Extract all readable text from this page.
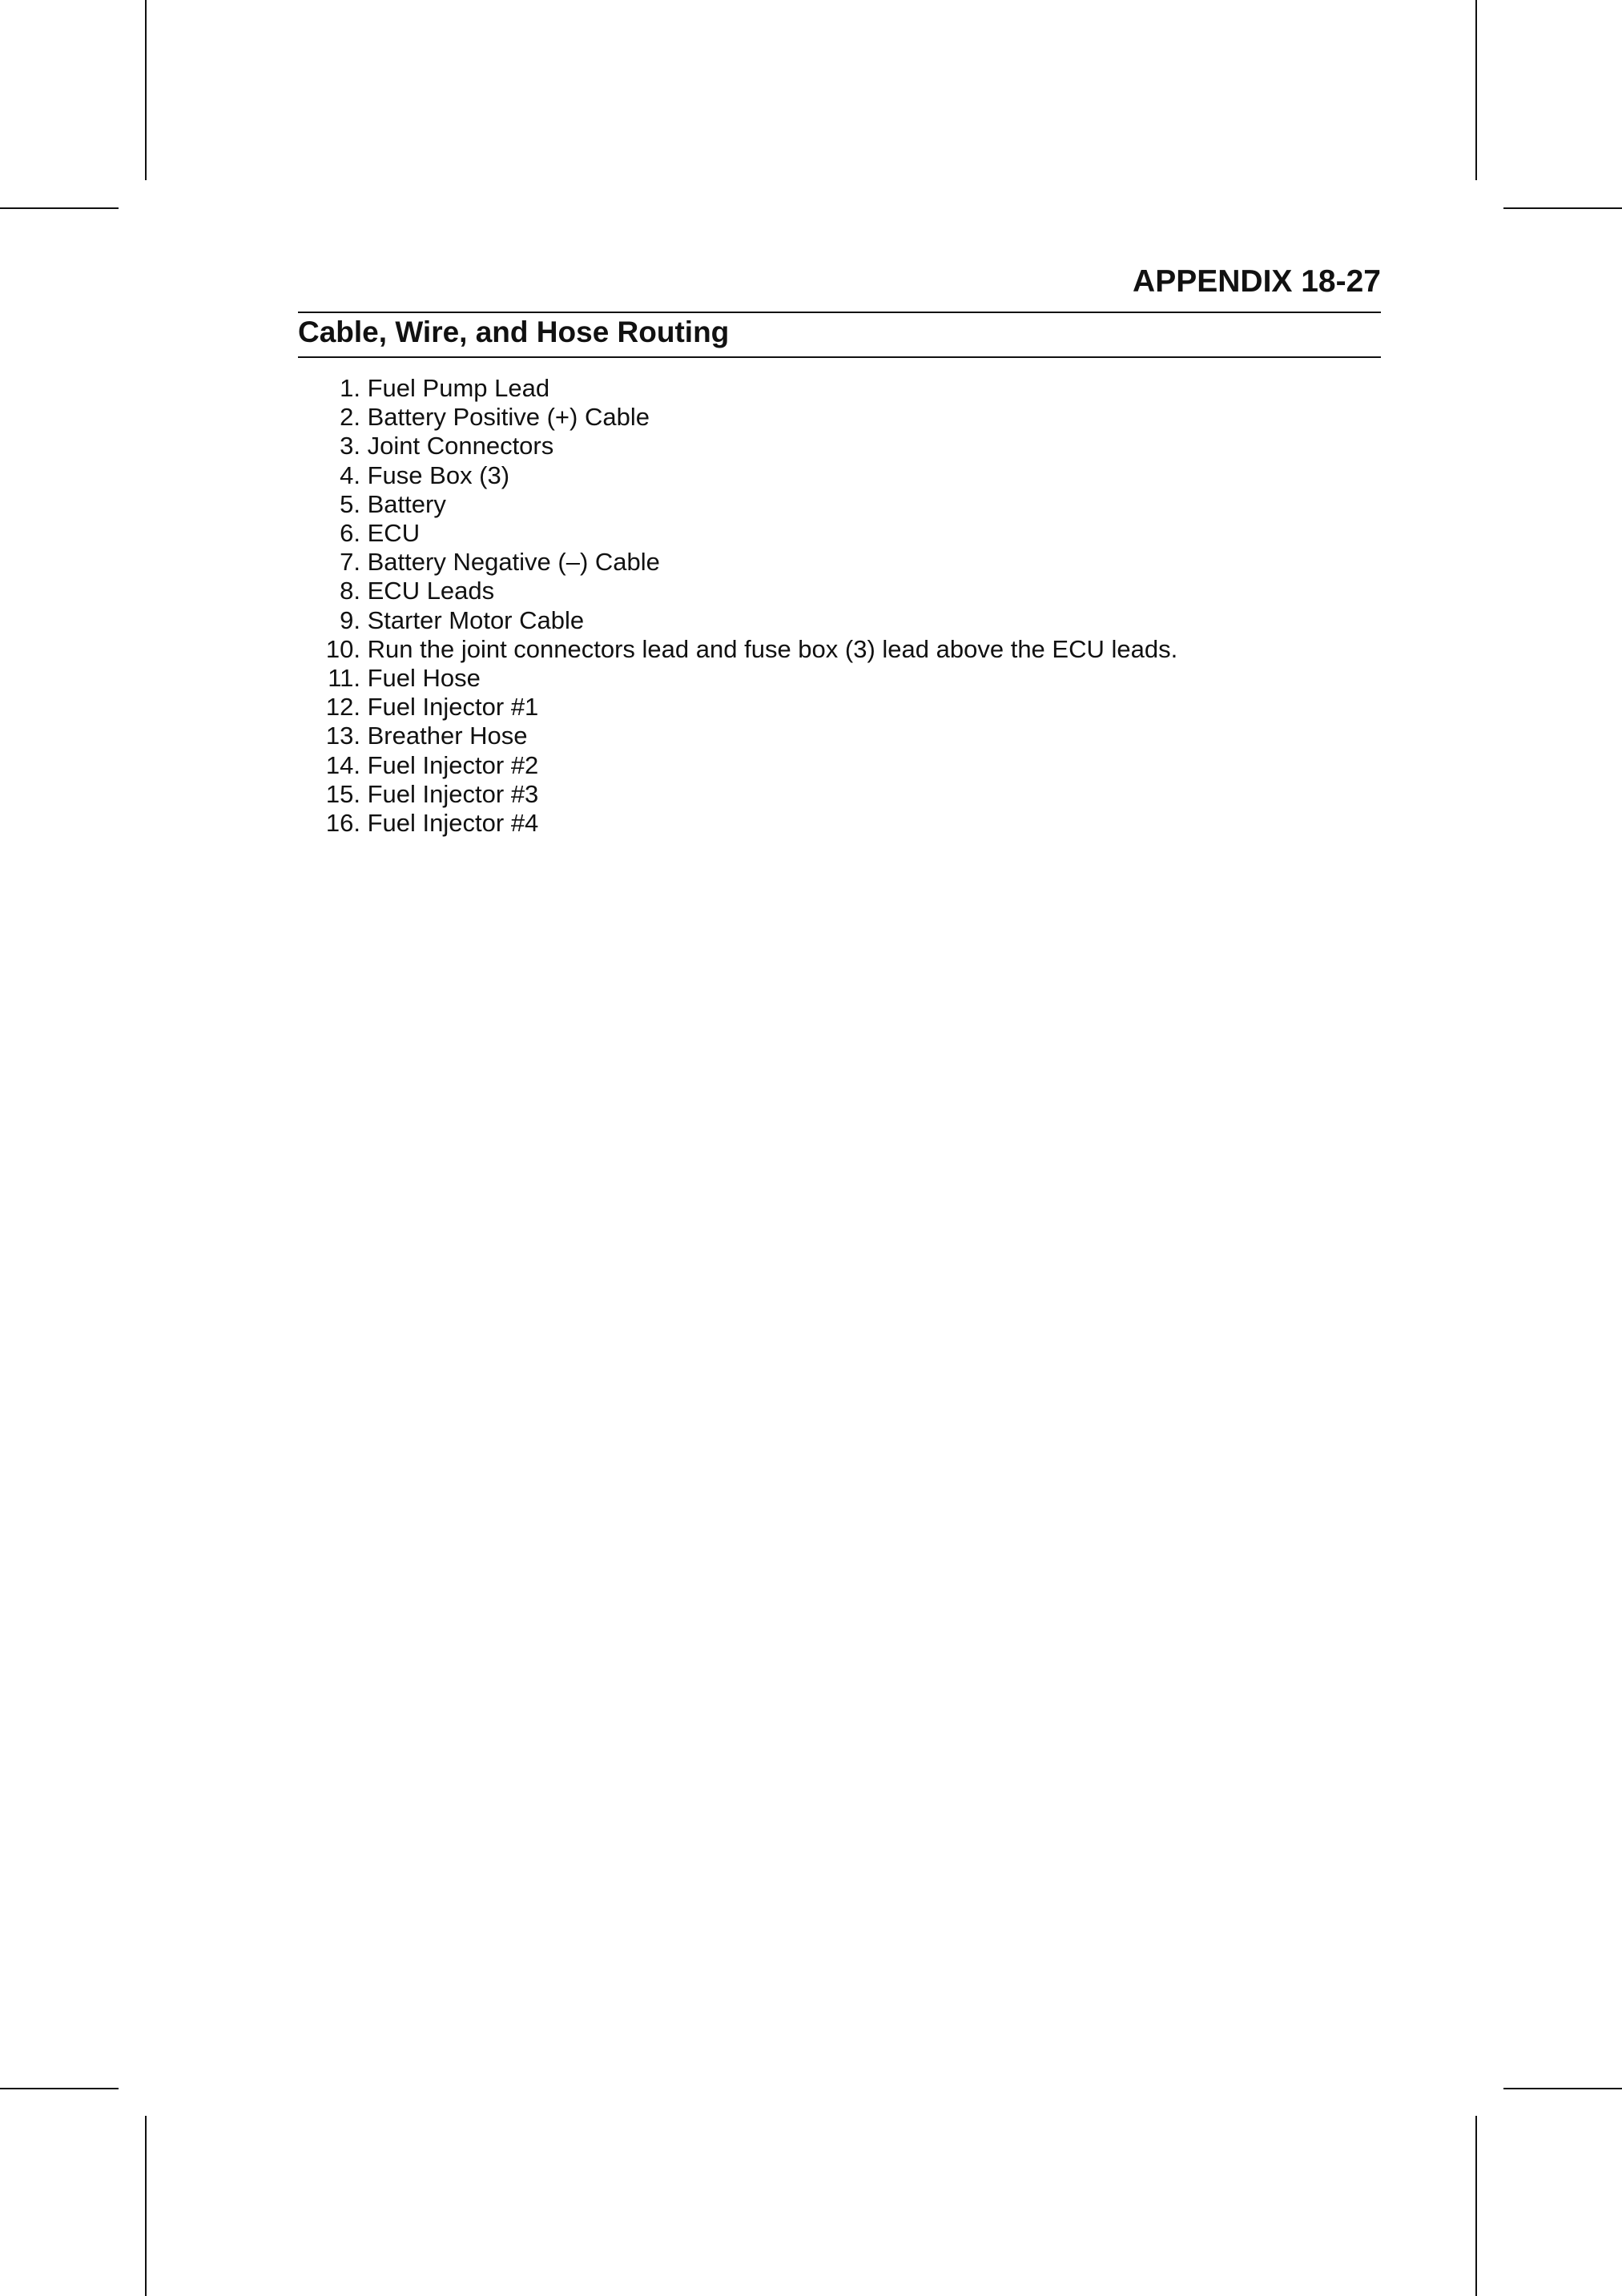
APPENDIX 18-27
Cable, Wire, and Hose Routing
1.
Fuel Pump Lead
2.
Battery Positive (+) Cable
3.
Joint Connectors
4.
Fuse Box (3)
5.
Battery
6.
ECU
7.
Battery Negative (–) Cable
8.
ECU Leads
9.
Starter Motor Cable
10.
Run the joint connectors lead and fuse box (3) lead above the ECU leads.
11.
Fuel Hose
12.
Fuel Injector #1
13.
Breather Hose
14.
Fuel Injector #2
15.
Fuel Injector #3
16.
Fuel Injector #4
